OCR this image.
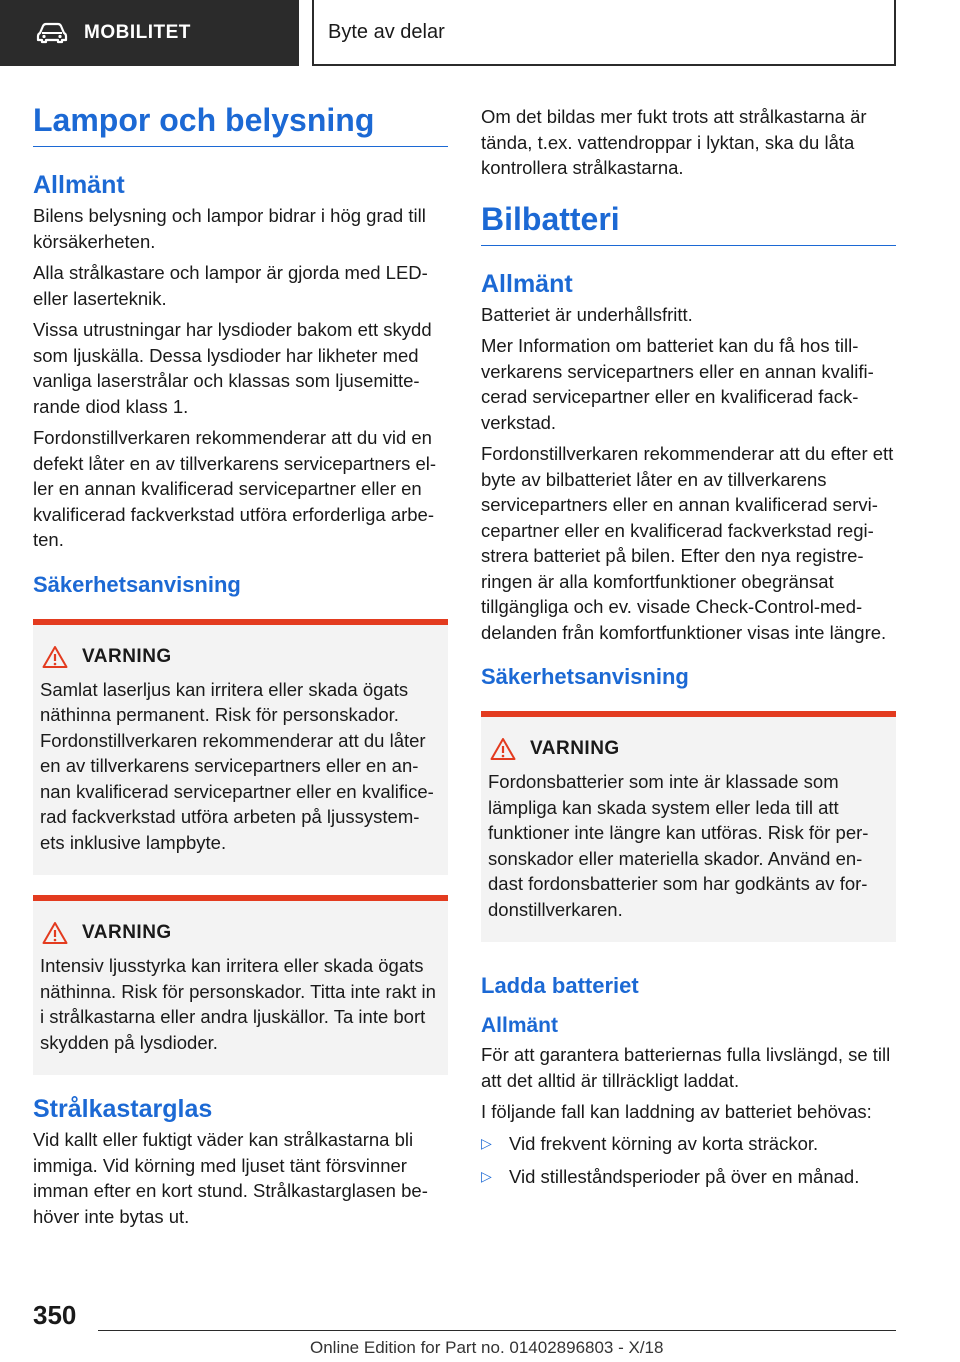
MOBILITET	Byte av delar
Lampor och belysning
Allmänt

Bilens belysning och lampor bidrar i hög grad till körsäkerheten.

Alla strålkastare och lampor är gjorda med LED- eller laserteknik.

Vissa utrustningar har lysdioder bakom ett skydd som ljuskälla. Dessa lysdioder har likheter med vanliga laserstrålar och klassas som ljusemitte-rande diod klass 1.

Fordonstillverkaren rekommenderar att du vid en defekt låter en av tillverkarens servicepartners el-ler en annan kvalificerad servicepartner eller en kvalificerad fackverkstad utföra erforderliga arbe-ten.

Säkerhetsanvisning
VARNING
Samlat laserljus kan irritera eller skada ögats näthinna permanent. Risk för personskador. Fordonstillverkaren rekommenderar att du låter en av tillverkarens servicepartners eller en an-nan kvalificerad servicepartner eller en kvalifice-rad fackverkstad utföra arbeten på ljussystem-ets inklusive lampbyte.
VARNING
Intensiv ljusstyrka kan irritera eller skada ögats näthinna. Risk för personskador. Titta inte rakt in i strålkastarna eller andra ljuskällor. Ta inte bort skydden på lysdioder.
Strålkastarglas

Vid kallt eller fuktigt väder kan strålkastarna bli immiga. Vid körning med ljuset tänt försvinner imman efter en kort stund. Strålkastarglasen be-höver inte bytas ut.

Om det bildas mer fukt trots att strålkastarna är tända, t.ex. vattendroppar i lyktan, ska du låta kontrollera strålkastarna.

Bilbatteri
Allmänt

Batteriet är underhållsfritt.

Mer Information om batteriet kan du få hos till-verkarens servicepartners eller en annan kvalifi-cerad servicepartner eller en kvalificerad fack-verkstad.

Fordonstillverkaren rekommenderar att du efter ett byte av bilbatteriet låter en av tillverkarens servicepartners eller en annan kvalificerad servi-cepartner eller en kvalificerad fackverkstad regi-strera batteriet på bilen. Efter den nya registre-ringen är alla komfortfunktioner obegränsat tillgängliga och ev. visade Check-Control-med-delanden från komfortfunktioner visas inte längre.

Säkerhetsanvisning
VARNING
Fordonsbatterier som inte är klassade som lämpliga kan skada system eller leda till att funktioner inte längre kan utföras. Risk för per-sonskador eller materiella skador. Använd en-dast fordonsbatterier som har godkänts av for-donstillverkaren.
Ladda batteriet
Allmänt

För att garantera batteriernas fulla livslängd, se till att det alltid är tillräckligt laddat.

I följande fall kan laddning av batteriet behövas:

▷ Vid frekvent körning av korta sträckor.
▷ Vid stilleståndsperioder på över en månad.
350
Online Edition for Part no. 01402896803 - X/18
